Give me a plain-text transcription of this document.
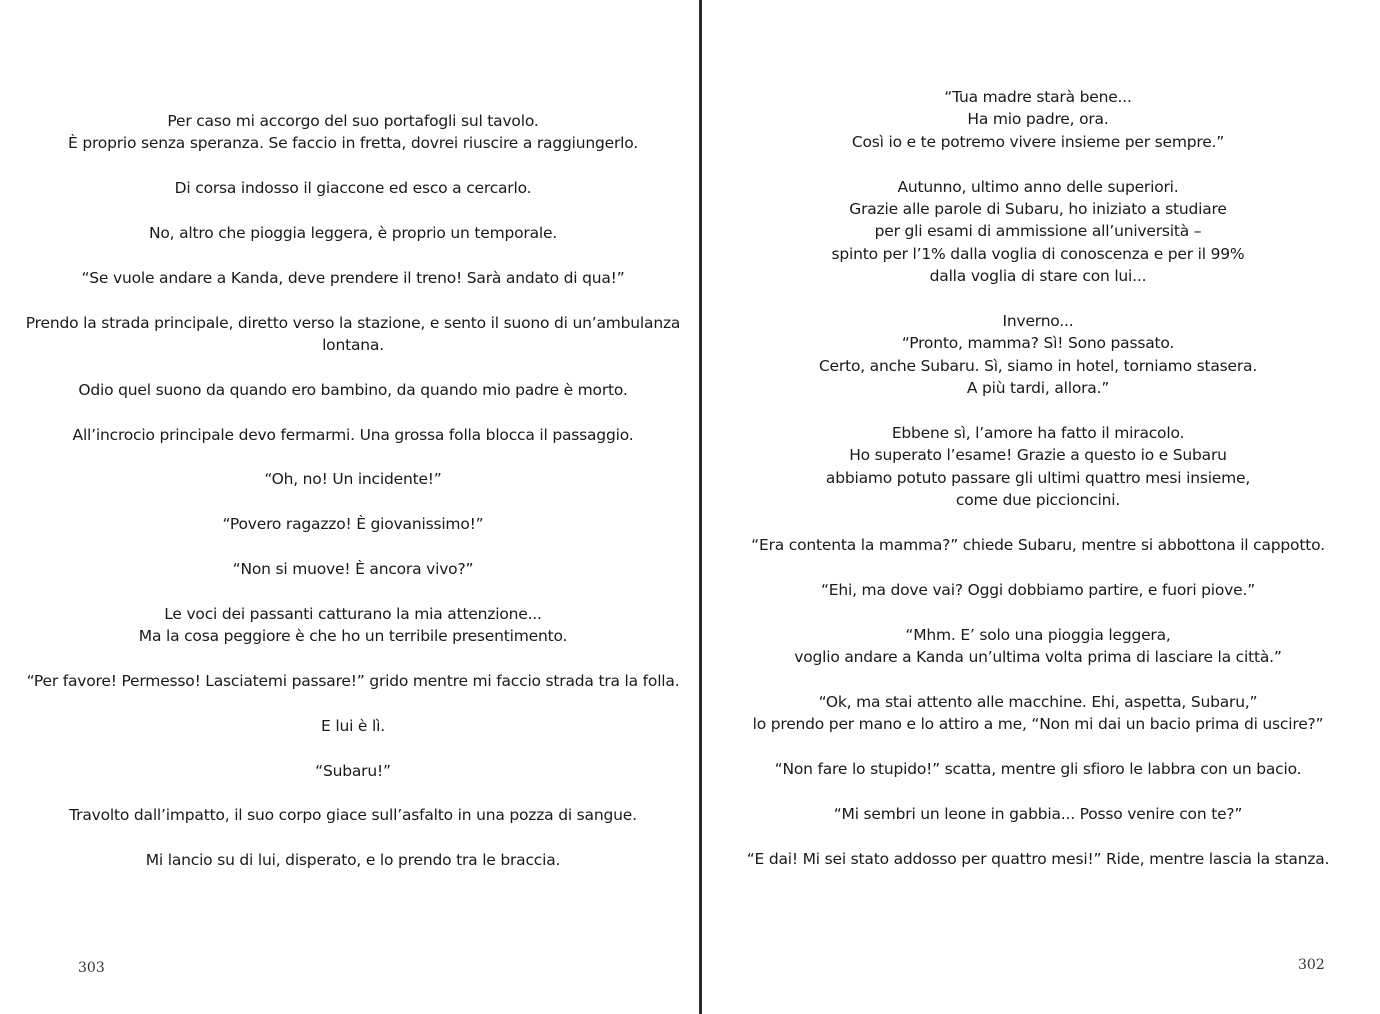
Per caso mi accorgo del suo portafogli sul tavolo.
È proprio senza speranza. Se faccio in fretta, dovrei riuscire a raggiungerlo.

Di corsa indosso il giaccone ed esco a cercarlo.

No, altro che pioggia leggera, è proprio un temporale.

“Se vuole andare a Kanda, deve prendere il treno! Sarà andato di qua!”

Prendo la strada principale, diretto verso la stazione, e sento il suono di un’ambulanza lontana.

Odio quel suono da quando ero bambino, da quando mio padre è morto.

All’incrocio principale devo fermarmi. Una grossa folla blocca il passaggio.

“Oh, no! Un incidente!”

“Povero ragazzo! È giovanissimo!”

“Non si muove! È ancora vivo?”

Le voci dei passanti catturano la mia attenzione...
Ma la cosa peggiore è che ho un terribile presentimento.

“Per favore! Permesso! Lasciatemi passare!” grido mentre mi faccio strada tra la folla.

E lui è lì.

“Subaru!”

Travolto dall’impatto, il suo corpo giace sull’asfalto in una pozza di sangue.

Mi lancio su di lui, disperato, e lo prendo tra le braccia.

303

“Tua madre starà bene...
Ha mio padre, ora.
Così io e te potremo vivere insieme per sempre.”

Autunno, ultimo anno delle superiori.
Grazie alle parole di Subaru, ho iniziato a studiare
per gli esami di ammissione all’università –
spinto per l’1% dalla voglia di conoscenza e per il 99%
dalla voglia di stare con lui...

Inverno...
“Pronto, mamma? Sì! Sono passato.
Certo, anche Subaru. Sì, siamo in hotel, torniamo stasera.
A più tardi, allora.”

Ebbene sì, l’amore ha fatto il miracolo.
Ho superato l’esame! Grazie a questo io e Subaru
abbiamo potuto passare gli ultimi quattro mesi insieme,
come due piccioncini.

“Era contenta la mamma?” chiede Subaru, mentre si abbottona il cappotto.

“Ehi, ma dove vai? Oggi dobbiamo partire, e fuori piove.”

“Mhm. E’ solo una pioggia leggera,
voglio andare a Kanda un’ultima volta prima di lasciare la città.”

“Ok, ma stai attento alle macchine. Ehi, aspetta, Subaru,”
lo prendo per mano e lo attiro a me, “Non mi dai un bacio prima di uscire?”

“Non fare lo stupido!” scatta, mentre gli sfioro le labbra con un bacio.

“Mi sembri un leone in gabbia... Posso venire con te?”

“E dai! Mi sei stato addosso per quattro mesi!” Ride, mentre lascia la stanza.

302
